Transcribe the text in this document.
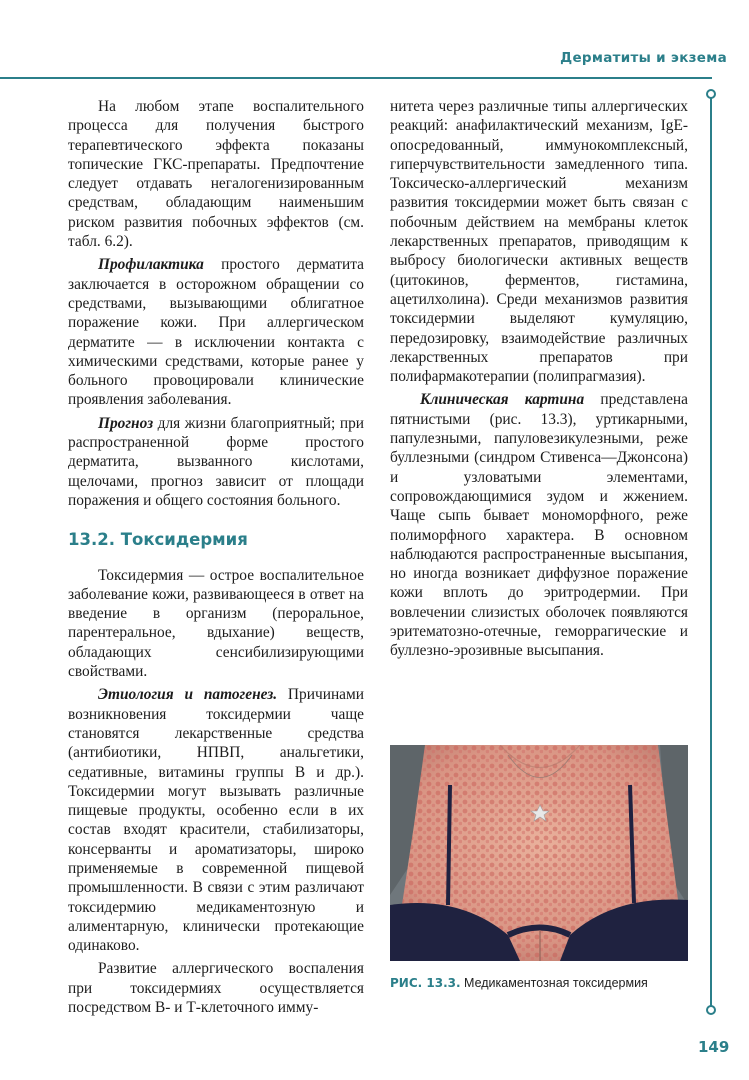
Дерматиты и экзема

На любом этапе воспалительного процесса для получения быстрого терапевтического эффекта показаны топические ГКС-препараты. Предпочтение следует отдавать негалогенизированным средствам, обладающим наименьшим риском развития побочных эффектов (см. табл. 6.2).

Профилактика простого дерматита заключается в осторожном обращении со средствами, вызывающими облигатное поражение кожи. При аллергическом дерматите — в исключении контакта с химическими средствами, которые ранее у больного провоцировали клинические проявления заболевания.

Прогноз для жизни благоприятный; при распространенной форме простого дерматита, вызванного кислотами, щелочами, прогноз зависит от площади поражения и общего состояния больного.

13.2. Токсидермия

Токсидермия — острое воспалительное заболевание кожи, развивающееся в ответ на введение в организм (пероральное, парентеральное, вдыхание) веществ, обладающих сенсибилизирующими свойствами.

Этиология и патогенез. Причинами возникновения токсидермии чаще становятся лекарственные средства (антибиотики, НПВП, анальгетики, седативные, витамины группы В и др.). Токсидермии могут вызывать различные пищевые продукты, особенно если в их состав входят красители, стабилизаторы, консерванты и ароматизаторы, широко применяемые в современной пищевой промышленности. В связи с этим различают токсидермию медикаментозную и алиментарную, клинически протекающие одинаково.

Развитие аллергического воспаления при токсидермиях осуществляется посредством В- и Т-клеточного имму-

нитета через различные типы аллергических реакций: анафилактический механизм, IgE-опосредованный, иммунокомплексный, гиперчувствительности замедленного типа. Токсическо-аллергический механизм развития токсидермии может быть связан с побочным действием на мембраны клеток лекарственных препаратов, приводящим к выбросу биологически активных веществ (цитокинов, ферментов, гистамина, ацетилхолина). Среди механизмов развития токсидермии выделяют кумуляцию, передозировку, взаимодействие различных лекарственных препаратов при полифармакотерапии (полипрагмазия).

Клиническая картина представлена пятнистыми (рис. 13.3), уртикарными, папулезными, папуловезикулезными, реже буллезными (синдром Стивенса—Джонсона) и узловатыми элементами, сопровождающимися зудом и жжением. Чаще сыпь бывает мономорфного, реже полиморфного характера. В основном наблюдаются распространенные высыпания, но иногда возникает диффузное поражение кожи вплоть до эритродермии. При вовлечении слизистых оболочек появляются эритематозно-отечные, геморрагические и буллезно-эрозивные высыпания.

РИС. 13.3. Медикаментозная токсидермия
149
